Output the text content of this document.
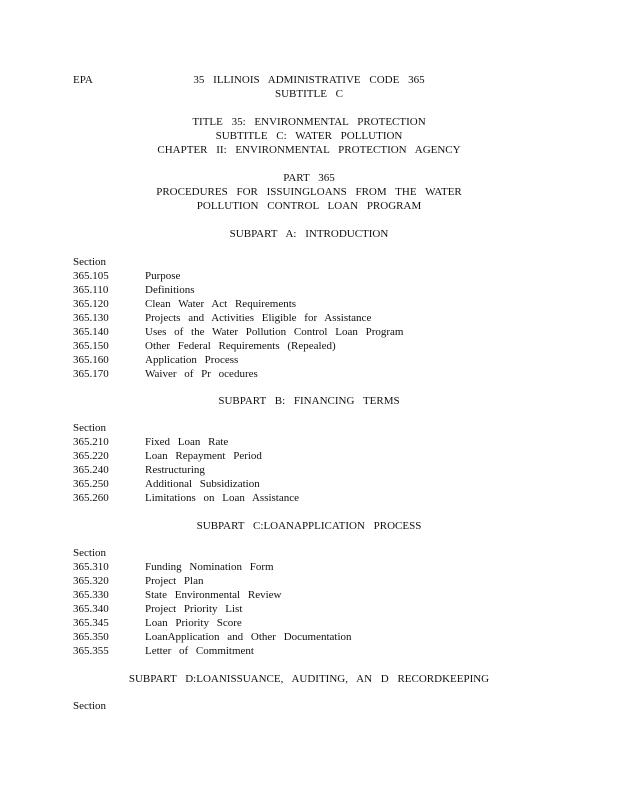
EPA	35 ILLINOIS ADMINISTRATIVE CODE 365
SUBTITLE C
TITLE 35: ENVIRONMENTAL PROTECTION
SUBTITLE C: WATER POLLUTION
CHAPTER II: ENVIRONMENTAL PROTECTION AGENCY
PART 365
PROCEDURES FOR ISSUINGLOANS FROM THE WATER
POLLUTION CONTROL LOAN PROGRAM
SUBPART A: INTRODUCTION
Section
365.105	Purpose
365.110	Definitions
365.120	Clean Water Act Requirements
365.130	Projects and Activities Eligible for Assistance
365.140	Uses of the Water Pollution Control Loan Program
365.150	Other Federal Requirements (Repealed)
365.160	Application Process
365.170	Waiver of Pr ocedures
SUBPART B: FINANCING TERMS
Section
365.210	Fixed Loan Rate
365.220	Loan Repayment Period
365.240	Restructuring
365.250	Additional Subsidization
365.260	Limitations on Loan Assistance
SUBPART C:LOANAPPLICATION PROCESS
Section
365.310	Funding Nomination Form
365.320	Project Plan
365.330	State Environmental Review
365.340	Project Priority List
365.345	Loan Priority Score
365.350	LoanApplication and Other Documentation
365.355	Letter of Commitment
SUBPART D:LOANISSUANCE, AUDITING, AN D RECORDKEEPING
Section
